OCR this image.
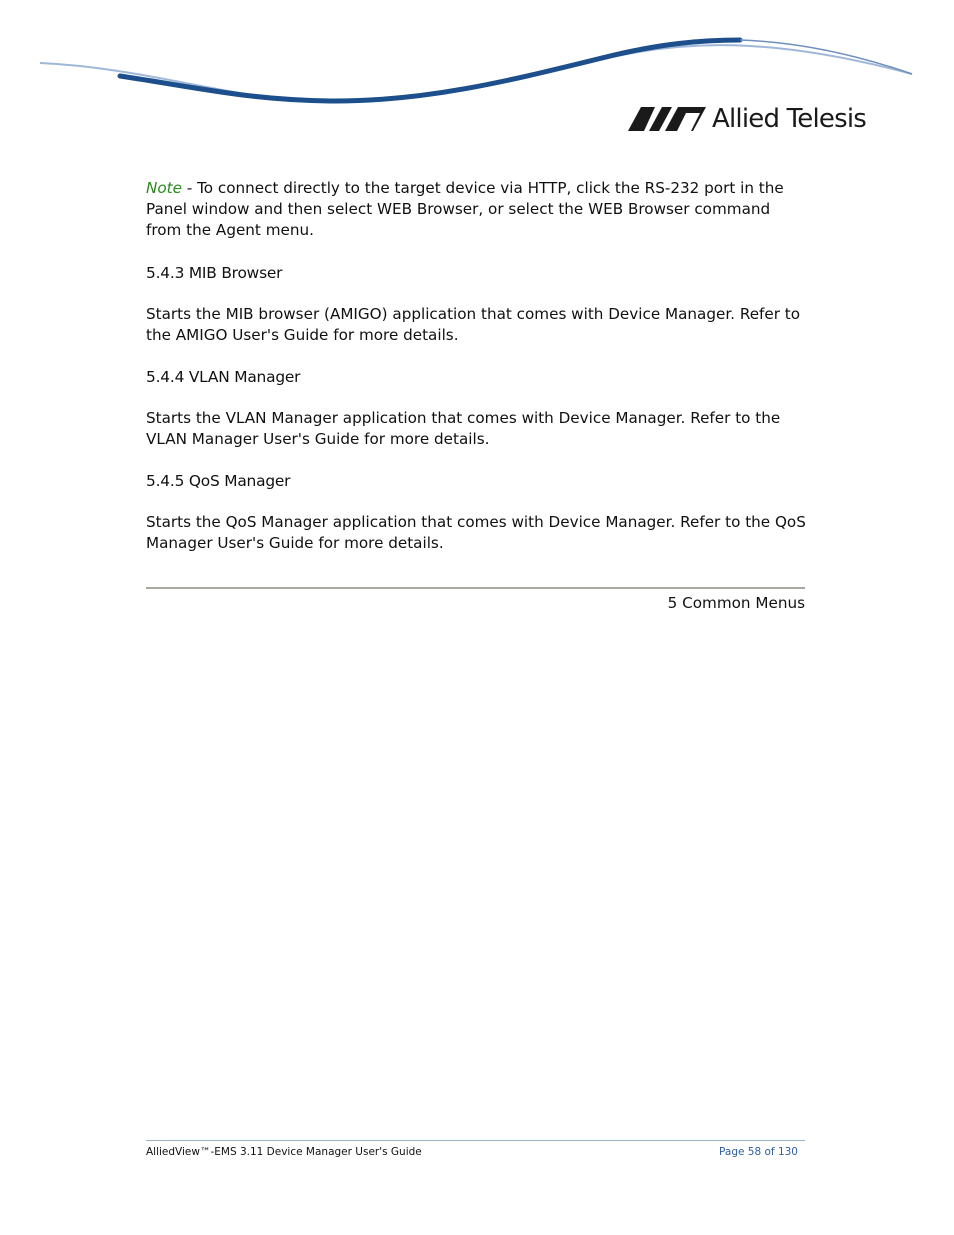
Allied Telesis

Note - To connect directly to the target device via HTTP, click the RS-232 port in the Panel window and then select WEB Browser, or select the WEB Browser command from the Agent menu.

5.4.3 MIB Browser

Starts the MIB browser (AMIGO) application that comes with Device Manager. Refer to the AMIGO User's Guide for more details.

5.4.4 VLAN Manager

Starts the VLAN Manager application that comes with Device Manager. Refer to the VLAN Manager User's Guide for more details.

5.4.5 QoS Manager

Starts the QoS Manager application that comes with Device Manager. Refer to the QoS Manager User's Guide for more details.

5 Common Menus
AlliedView™-EMS 3.11 Device Manager User's Guide	Page 58 of 130
